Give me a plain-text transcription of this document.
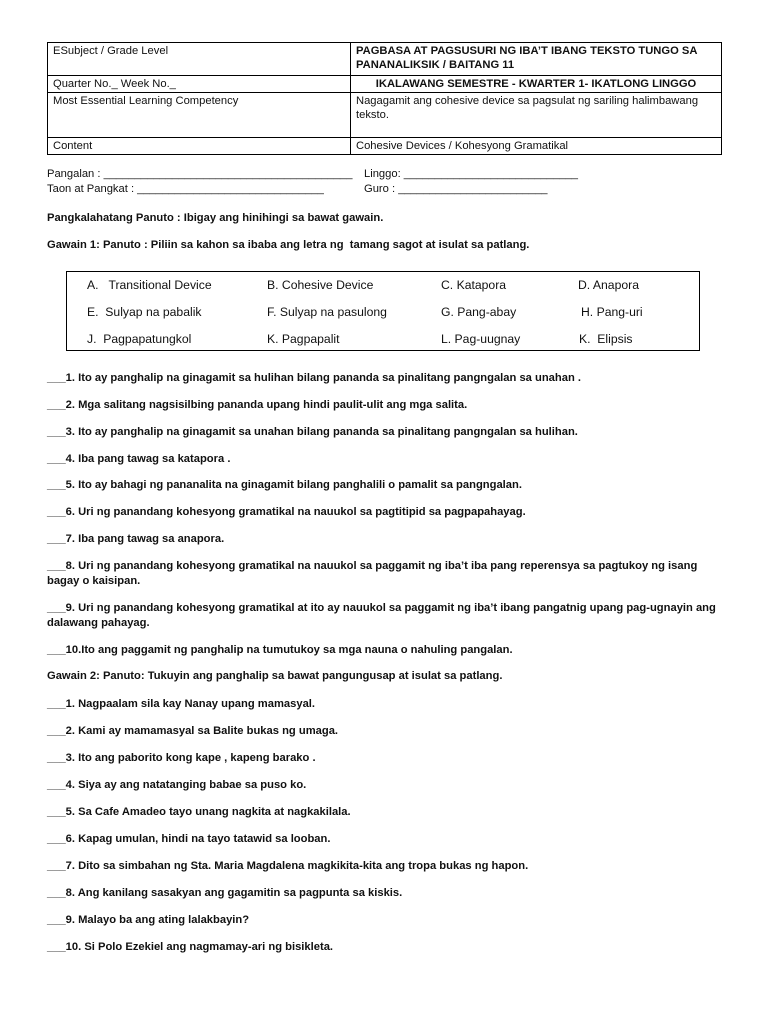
ESubject / Grade Level	PAGBASA AT PAGSUSURI NG IBA’T IBANG TEKSTO TUNGO SA PANANALIKSIK / BAITANG 11
Quarter No._ Week No._	IKALAWANG SEMESTRE - KWARTER 1- IKATLONG LINGGO
Most Essential Learning Competency	Nagagamit ang cohesive device sa pagsulat ng sariling halimbawang teksto.
Content	Cohesive Devices / Kohesyong Gramatikal
Pangalan : ________________________________________
Taon at Pangkat : ______________________________
Linggo: ____________________________
Guro : ________________________
Pangkalahatang Panuto : Ibigay ang hinihingi sa bawat gawain.
Gawain 1: Panuto : Piliin sa kahon sa ibaba ang letra ng  tamang sagot at isulat sa patlang.
A.   Transitional Device	B. Cohesive Device	C. Katapora	D. Anapora
E.  Sulyap na pabalik	F. Sulyap na pasulong	G. Pang-abay	H. Pang-uri
J.  Pagpapatungkol	K. Pagpapalit	L. Pag-uugnay	K.  Elipsis
___1. Ito ay panghalip na ginagamit sa hulihan bilang pananda sa pinalitang pangngalan sa unahan .
___2. Mga salitang nagsisilbing pananda upang hindi paulit-ulit ang mga salita.
___3. Ito ay panghalip na ginagamit sa unahan bilang pananda sa pinalitang pangngalan sa hulihan.
___4. Iba pang tawag sa katapora .
___5. Ito ay bahagi ng pananalita na ginagamit bilang panghalili o pamalit sa pangngalan.
___6. Uri ng panandang kohesyong gramatikal na nauukol sa pagtitipid sa pagpapahayag.
___7. Iba pang tawag sa anapora.
___8. Uri ng panandang kohesyong gramatikal na nauukol sa paggamit ng iba’t iba pang reperensya sa pagtukoy ng isang bagay o kaisipan.
___9. Uri ng panandang kohesyong gramatikal at ito ay nauukol sa paggamit ng iba’t ibang pangatnig upang pag-ugnayin ang dalawang pahayag.
___10.Ito ang paggamit ng panghalip na tumutukoy sa mga nauna o nahuling pangalan.
Gawain 2: Panuto: Tukuyin ang panghalip sa bawat pangungusap at isulat sa patlang.
___1. Nagpaalam sila kay Nanay upang mamasyal.
___2. Kami ay mamamasyal sa Balite bukas ng umaga.
___3. Ito ang paborito kong kape , kapeng barako .
___4. Siya ay ang natatanging babae sa puso ko.
___5. Sa Cafe Amadeo tayo unang nagkita at nagkakilala.
___6. Kapag umulan, hindi na tayo tatawid sa looban.
___7. Dito sa simbahan ng Sta. Maria Magdalena magkikita-kita ang tropa bukas ng hapon.
___8. Ang kanilang sasakyan ang gagamitin sa pagpunta sa kiskis.
___9. Malayo ba ang ating lalakbayin?
___10. Si Polo Ezekiel ang nagmamay-ari ng bisikleta.
